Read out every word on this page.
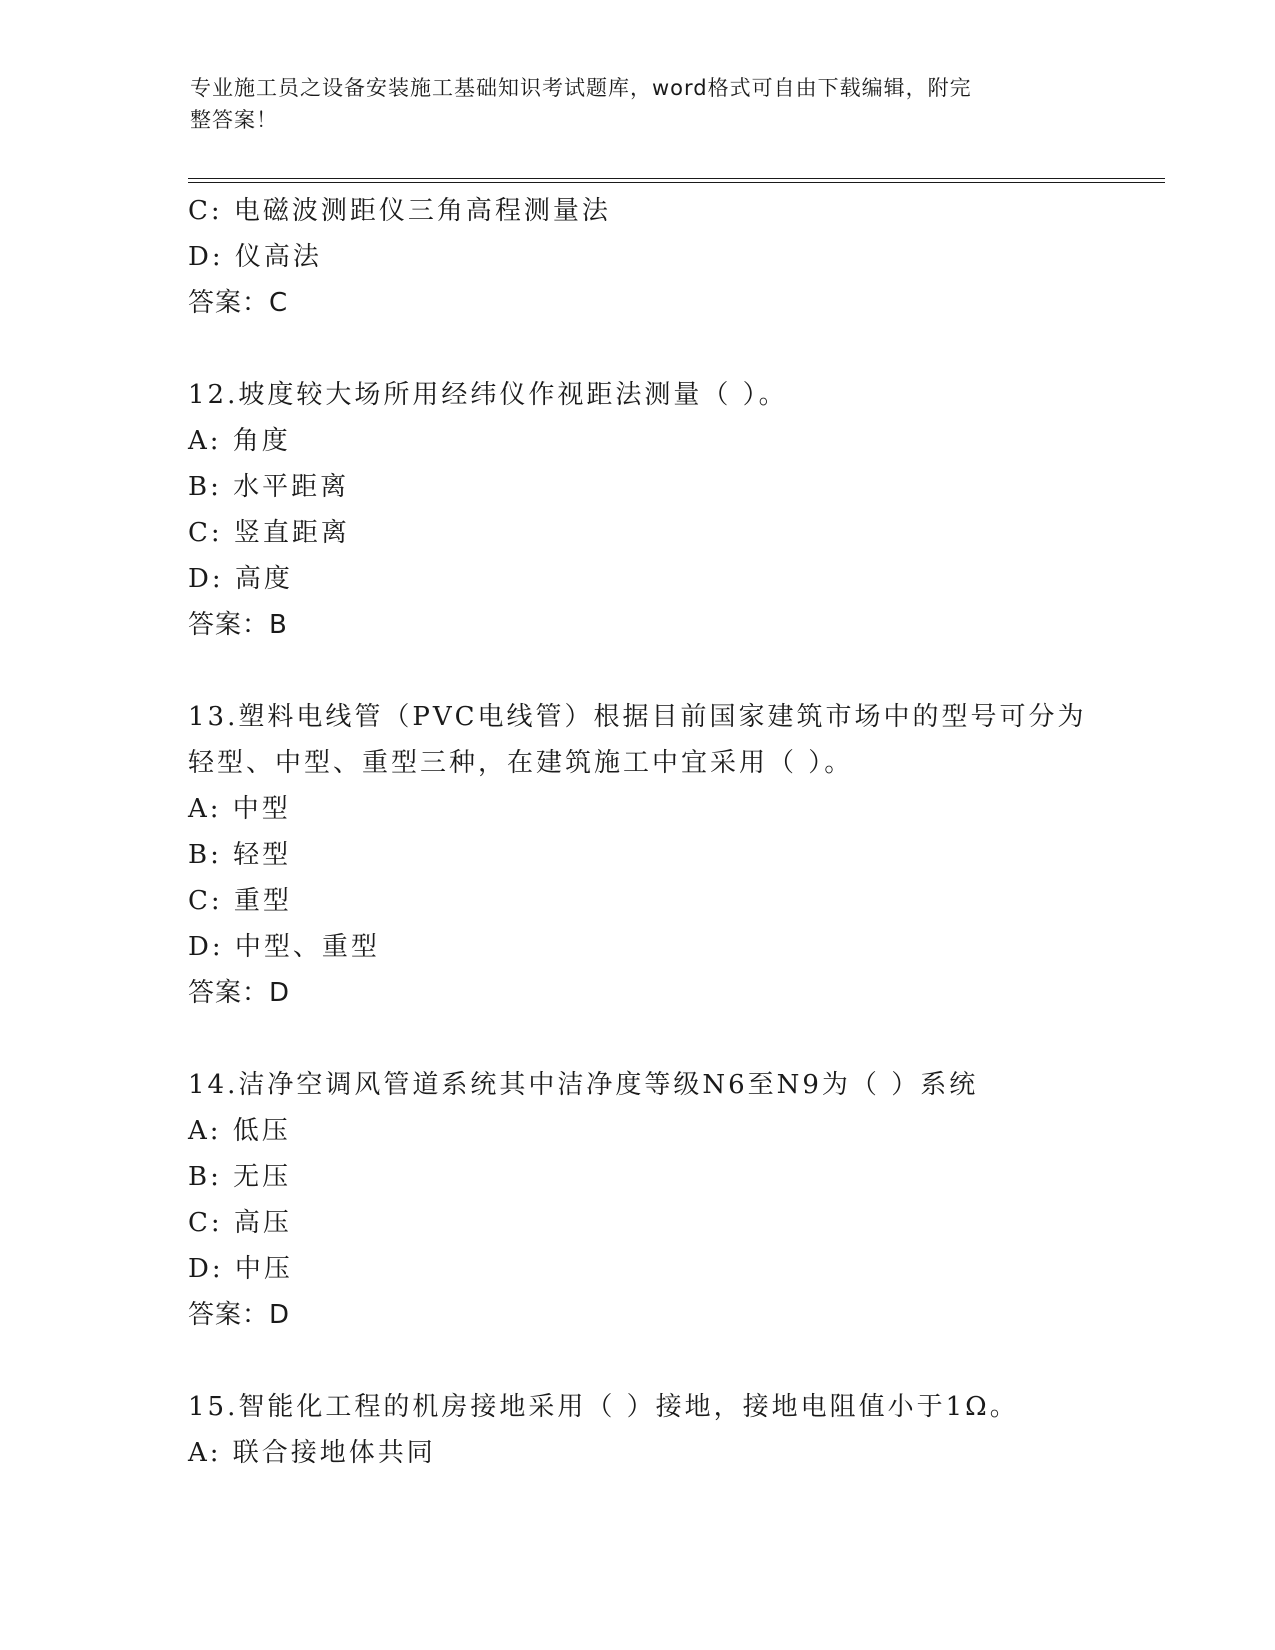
专业施工员之设备安装施工基础知识考试题库，word格式可自由下载编辑，附完
整答案！
C: 电磁波测距仪三角高程测量法
D: 仪高法
答案：C
12.坡度较大场所用经纬仪作视距法测量（ ）。
A: 角度
B: 水平距离
C: 竖直距离
D: 高度
答案：B
13.塑料电线管（PVC电线管）根据目前国家建筑市场中的型号可分为
轻型、中型、重型三种，在建筑施工中宜采用（ ）。
A: 中型
B: 轻型
C: 重型
D: 中型、重型
答案：D
14.洁净空调风管道系统其中洁净度等级N6至N9为（ ）系统
A: 低压
B: 无压
C: 高压
D: 中压
答案：D
15.智能化工程的机房接地采用（ ）接地，接地电阻值小于1Ω。
A: 联合接地体共同
